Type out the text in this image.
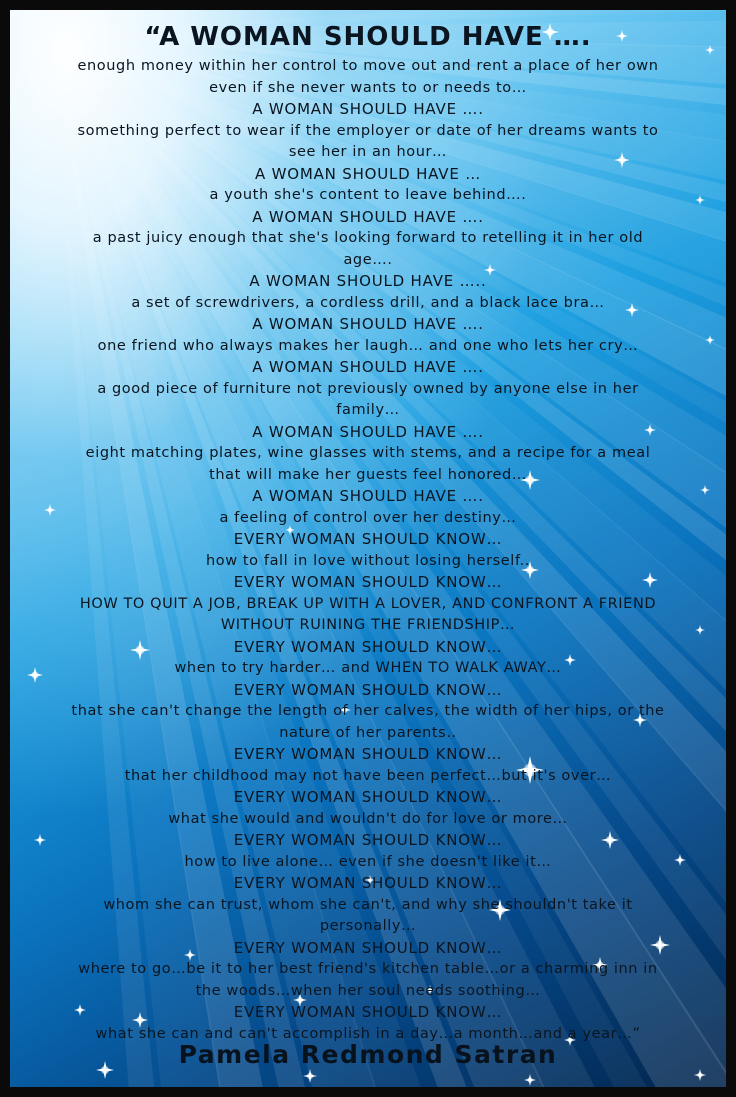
“A WOMAN SHOULD HAVE ….
enough money within her control to move out and rent a place of her own
even if she never wants to or needs to…
A WOMAN SHOULD HAVE ….
something perfect to wear if the employer or date of her dreams wants to
see her in an hour…
A WOMAN SHOULD HAVE …
a youth she's content to leave behind….
A WOMAN SHOULD HAVE ….
a past juicy enough that she's looking forward to retelling it in her old
age….
A WOMAN SHOULD HAVE …..
a set of screwdrivers, a cordless drill, and a black lace bra…
A WOMAN SHOULD HAVE ….
one friend who always makes her laugh… and one who lets her cry…
A WOMAN SHOULD HAVE ….
a good piece of furniture not previously owned by anyone else in her
family…
A WOMAN SHOULD HAVE ….
eight matching plates, wine glasses with stems, and a recipe for a meal
that will make her guests feel honored…
A WOMAN SHOULD HAVE ….
a feeling of control over her destiny…
EVERY WOMAN SHOULD KNOW…
how to fall in love without losing herself..
EVERY WOMAN SHOULD KNOW…
HOW TO QUIT A JOB, BREAK UP WITH A LOVER, AND CONFRONT A FRIEND
WITHOUT RUINING THE FRIENDSHIP…
EVERY WOMAN SHOULD KNOW…
when to try harder… and WHEN TO WALK AWAY…
EVERY WOMAN SHOULD KNOW…
that she can't change the length of her calves, the width of her hips, or the
nature of her parents..
EVERY WOMAN SHOULD KNOW…
that her childhood may not have been perfect…but it's over…
EVERY WOMAN SHOULD KNOW…
what she would and wouldn't do for love or more…
EVERY WOMAN SHOULD KNOW…
how to live alone… even if she doesn't like it…
EVERY WOMAN SHOULD KNOW…
whom she can trust, whom she can't, and why she shouldn't take it
personally…
EVERY WOMAN SHOULD KNOW…
where to go…be it to her best friend's kitchen table…or a charming inn in
the woods…when her soul needs soothing…
EVERY WOMAN SHOULD KNOW…
what she can and can't accomplish in a day…a month…and a year…”
Pamela Redmond Satran
